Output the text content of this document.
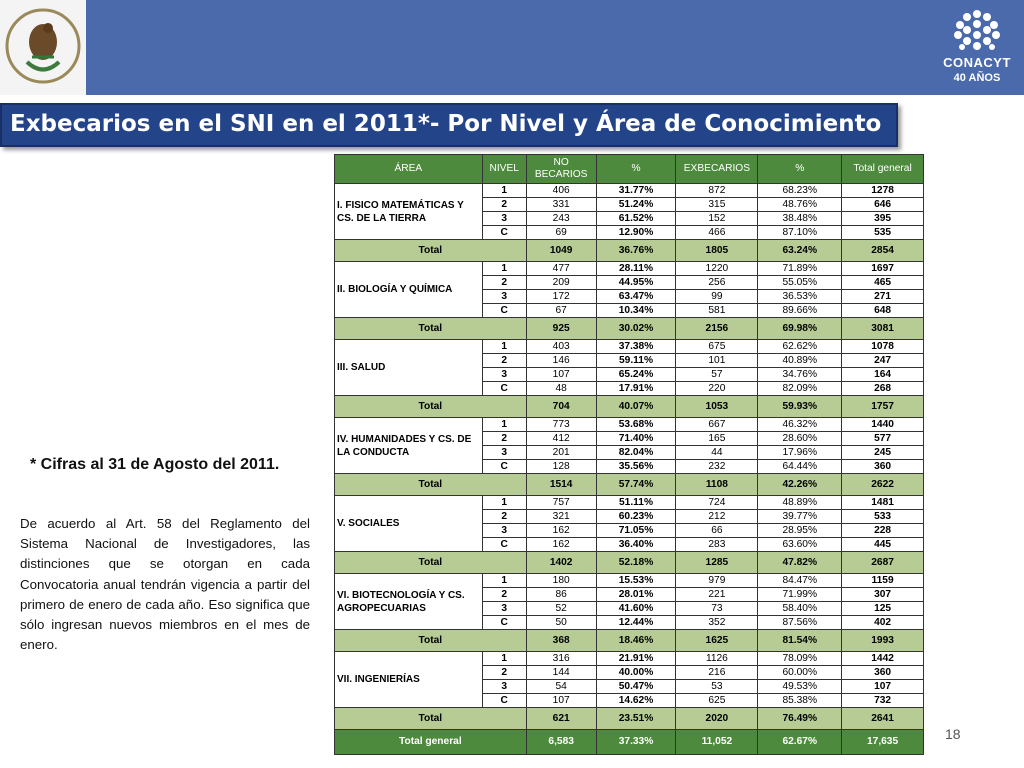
CONACYT
40 AÑOS
Exbecarios en el SNI en el 2011*- Por Nivel y Área de Conocimiento
* Cifras al 31 de Agosto del 2011.
De acuerdo al Art. 58 del Reglamento del Sistema Nacional de Investigadores, las distinciones que se otorgan en cada Convocatoria anual tendrán vigencia a partir del primero de enero de cada año. Eso significa que sólo ingresan nuevos miembros en el mes de enero.
ÁREA	NIVEL	NO BECARIOS	%	EXBECARIOS	%	Total general
I. FISICO MATEMÁTICAS Y CS. DE LA TIERRA	1	406	31.77%	872	68.23%	1278
	2	331	51.24%	315	48.76%	646
	3	243	61.52%	152	38.48%	395
	C	69	12.90%	466	87.10%	535
Total		1049	36.76%	1805	63.24%	2854
II. BIOLOGÍA Y QUÍMICA	1	477	28.11%	1220	71.89%	1697
	2	209	44.95%	256	55.05%	465
	3	172	63.47%	99	36.53%	271
	C	67	10.34%	581	89.66%	648
Total		925	30.02%	2156	69.98%	3081
III. SALUD	1	403	37.38%	675	62.62%	1078
	2	146	59.11%	101	40.89%	247
	3	107	65.24%	57	34.76%	164
	C	48	17.91%	220	82.09%	268
Total		704	40.07%	1053	59.93%	1757
IV. HUMANIDADES Y CS. DE LA CONDUCTA	1	773	53.68%	667	46.32%	1440
	2	412	71.40%	165	28.60%	577
	3	201	82.04%	44	17.96%	245
	C	128	35.56%	232	64.44%	360
Total		1514	57.74%	1108	42.26%	2622
V. SOCIALES	1	757	51.11%	724	48.89%	1481
	2	321	60.23%	212	39.77%	533
	3	162	71.05%	66	28.95%	228
	C	162	36.40%	283	63.60%	445
Total		1402	52.18%	1285	47.82%	2687
VI. BIOTECNOLOGÍA Y CS. AGROPECUARIAS	1	180	15.53%	979	84.47%	1159
	2	86	28.01%	221	71.99%	307
	3	52	41.60%	73	58.40%	125
	C	50	12.44%	352	87.56%	402
Total		368	18.46%	1625	81.54%	1993
VII. INGENIERÍAS	1	316	21.91%	1126	78.09%	1442
	2	144	40.00%	216	60.00%	360
	3	54	50.47%	53	49.53%	107
	C	107	14.62%	625	85.38%	732
Total		621	23.51%	2020	76.49%	2641
Total general		6,583	37.33%	11,052	62.67%	17,635	18
